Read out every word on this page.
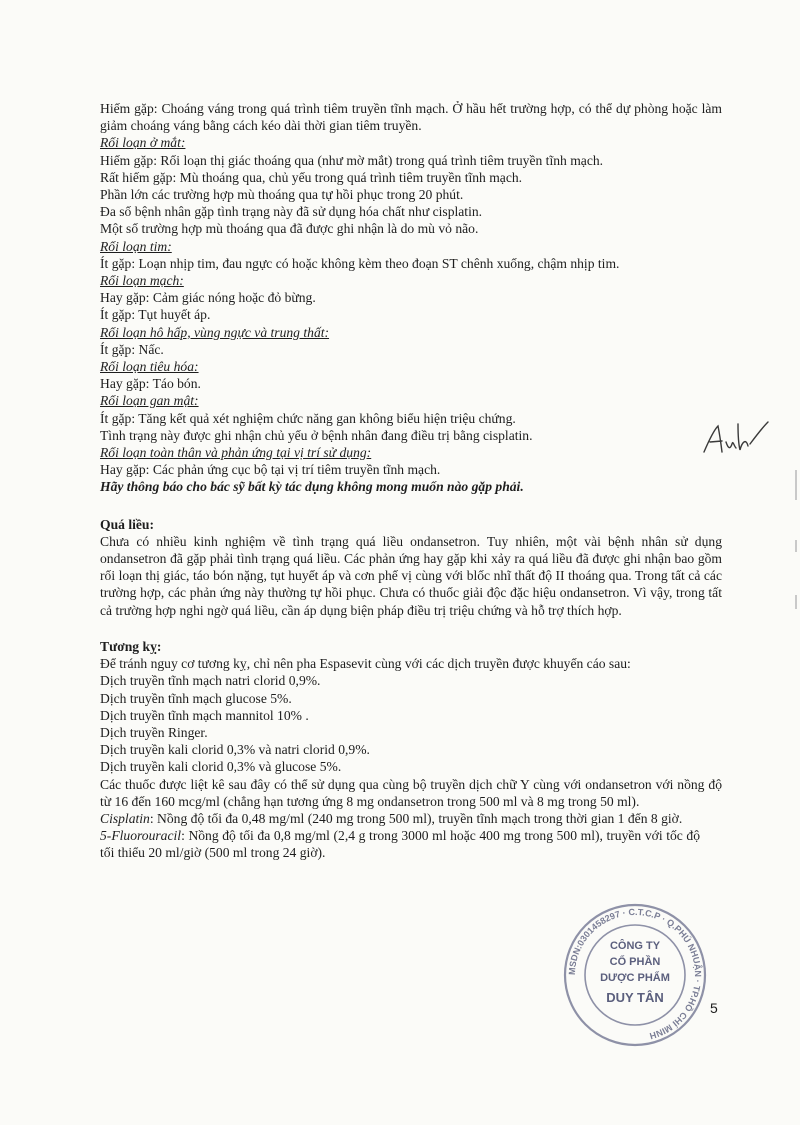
Hiếm gặp: Choáng váng trong quá trình tiêm truyền tĩnh mạch. Ở hầu hết trường hợp, có thể dự phòng hoặc làm giảm choáng váng bằng cách kéo dài thời gian tiêm truyền.

Rối loạn ở mắt:
Hiếm gặp: Rối loạn thị giác thoáng qua (như mờ mắt) trong quá trình tiêm truyền tĩnh mạch.
Rất hiếm gặp: Mù thoáng qua, chủ yếu trong quá trình tiêm truyền tĩnh mạch.
Phần lớn các trường hợp mù thoáng qua tự hồi phục trong 20 phút.
Đa số bệnh nhân gặp tình trạng này đã sử dụng hóa chất như cisplatin.
Một số trường hợp mù thoáng qua đã được ghi nhận là do mù vỏ não.
Rối loạn tim:
Ít gặp: Loạn nhịp tim, đau ngực có hoặc không kèm theo đoạn ST chênh xuống, chậm nhịp tim.
Rối loạn mạch:
Hay gặp: Cảm giác nóng hoặc đỏ bừng.
Ít gặp: Tụt huyết áp.
Rối loạn hô hấp, vùng ngực và trung thất:
Ít gặp: Nấc.
Rối loạn tiêu hóa:
Hay gặp: Táo bón.
Rối loạn gan mật:
Ít gặp: Tăng kết quả xét nghiệm chức năng gan không biểu hiện triệu chứng.
Tình trạng này được ghi nhận chủ yếu ở bệnh nhân đang điều trị bằng cisplatin.
Rối loạn toàn thân và phản ứng tại vị trí sử dụng:
Hay gặp: Các phản ứng cục bộ tại vị trí tiêm truyền tĩnh mạch.
Hãy thông báo cho bác sỹ bất kỳ tác dụng không mong muốn nào gặp phải.
Quá liều:

Chưa có nhiều kinh nghiệm về tình trạng quá liều ondansetron. Tuy nhiên, một vài bệnh nhân sử dụng ondansetron đã gặp phải tình trạng quá liều. Các phản ứng hay gặp khi xảy ra quá liều đã được ghi nhận bao gồm rối loạn thị giác, táo bón nặng, tụt huyết áp và cơn phế vị cùng với blốc nhĩ thất độ II thoáng qua. Trong tất cả các trường hợp, các phản ứng này thường tự hồi phục. Chưa có thuốc giải độc đặc hiệu ondansetron. Vì vậy, trong tất cả trường hợp nghi ngờ quá liều, cần áp dụng biện pháp điều trị triệu chứng và hỗ trợ thích hợp.

Tương kỵ:
Để tránh nguy cơ tương kỵ, chỉ nên pha Espasevit cùng với các dịch truyền được khuyến cáo sau:
Dịch truyền tĩnh mạch natri clorid 0,9%.
Dịch truyền tĩnh mạch glucose 5%.
Dịch truyền tĩnh mạch mannitol 10% .
Dịch truyền Ringer.
Dịch truyền kali clorid 0,3% và natri clorid 0,9%.
Dịch truyền kali clorid 0,3% và glucose 5%.

Các thuốc được liệt kê sau đây có thể sử dụng qua cùng bộ truyền dịch chữ Y cùng với ondansetron với nồng độ từ 16 đến 160 mcg/ml (chẳng hạn tương ứng 8 mg ondansetron trong 500 ml và 8 mg trong 50 ml).

Cisplatin: Nồng độ tối đa 0,48 mg/ml (240 mg trong 500 ml), truyền tĩnh mạch trong thời gian 1 đến 8 giờ.

5-Fluorouracil: Nồng độ tối đa 0,8 mg/ml (2,4 g trong 3000 ml hoặc 400 mg trong 500 ml), truyền với tốc độ tối thiểu 20 ml/giờ (500 ml trong 24 giờ).

MSDN:0301458297 · C.T.C.P · Q.PHÚ NHUẬN · TP.HỒ CHÍ MINH
CÔNG TY
CỔ PHẦN
DƯỢC PHẨM
DUY TÂN
5
